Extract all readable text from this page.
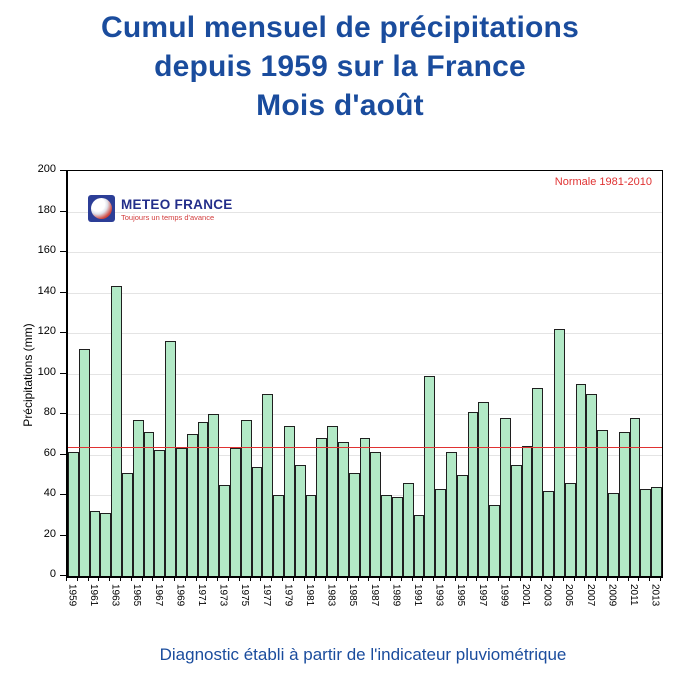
Cumul mensuel de précipitations
depuis 1959 sur la France
Mois d'août
Précipitations (mm)
METEO FRANCE
Toujours un temps d'avance
Normale 1981-2010
0
20
40
60
80
100
120
140
160
180
200
1959 1961 1963 1965 1967 1969 1971 1973 1975 1977 1979 1981 1983 1985 1987 1989 1991 1993 1995 1997 1999 2001 2003 2005 2007 2009 2011 2013
Diagnostic établi à partir de l'indicateur pluviométrique
